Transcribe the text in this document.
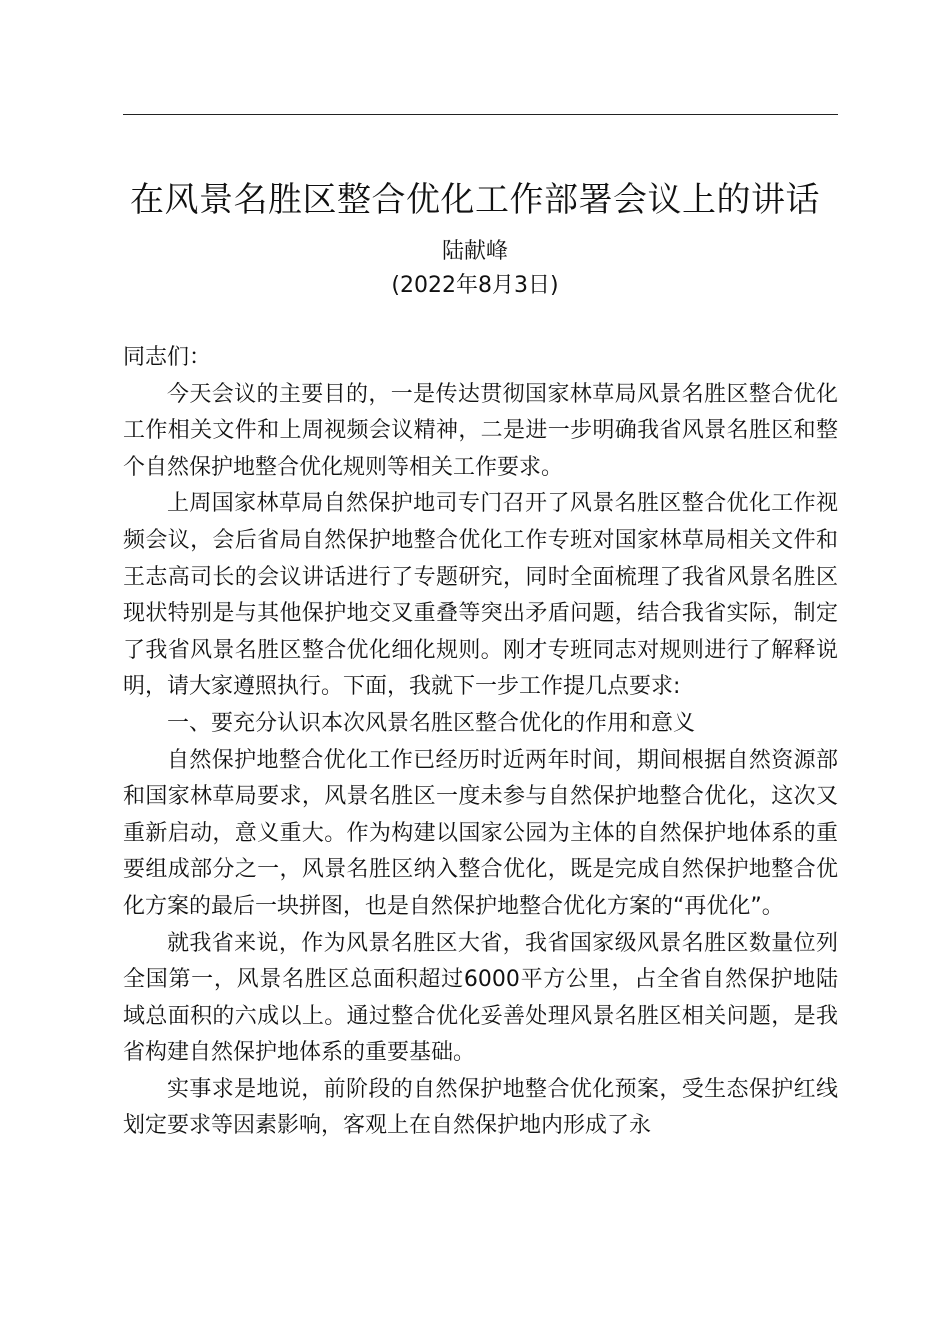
在风景名胜区整合优化工作部署会议上的讲话
陆献峰
(2022年8月3日)

同志们：

今天会议的主要目的，一是传达贯彻国家林草局风景名胜区整合优化工作相关文件和上周视频会议精神，二是进一步明确我省风景名胜区和整个自然保护地整合优化规则等相关工作要求。

上周国家林草局自然保护地司专门召开了风景名胜区整合优化工作视频会议，会后省局自然保护地整合优化工作专班对国家林草局相关文件和王志高司长的会议讲话进行了专题研究，同时全面梳理了我省风景名胜区现状特别是与其他保护地交叉重叠等突出矛盾问题，结合我省实际，制定了我省风景名胜区整合优化细化规则。刚才专班同志对规则进行了解释说明，请大家遵照执行。下面，我就下一步工作提几点要求:

一、要充分认识本次风景名胜区整合优化的作用和意义

自然保护地整合优化工作已经历时近两年时间，期间根据自然资源部和国家林草局要求，风景名胜区一度未参与自然保护地整合优化，这次又重新启动，意义重大。作为构建以国家公园为主体的自然保护地体系的重要组成部分之一，风景名胜区纳入整合优化，既是完成自然保护地整合优化方案的最后一块拼图，也是自然保护地整合优化方案的“再优化”。

就我省来说，作为风景名胜区大省，我省国家级风景名胜区数量位列全国第一，风景名胜区总面积超过6000平方公里，占全省自然保护地陆域总面积的六成以上。通过整合优化妥善处理风景名胜区相关问题，是我省构建自然保护地体系的重要基础。

实事求是地说，前阶段的自然保护地整合优化预案，受生态保护红线划定要求等因素影响，客观上在自然保护地内形成了永
